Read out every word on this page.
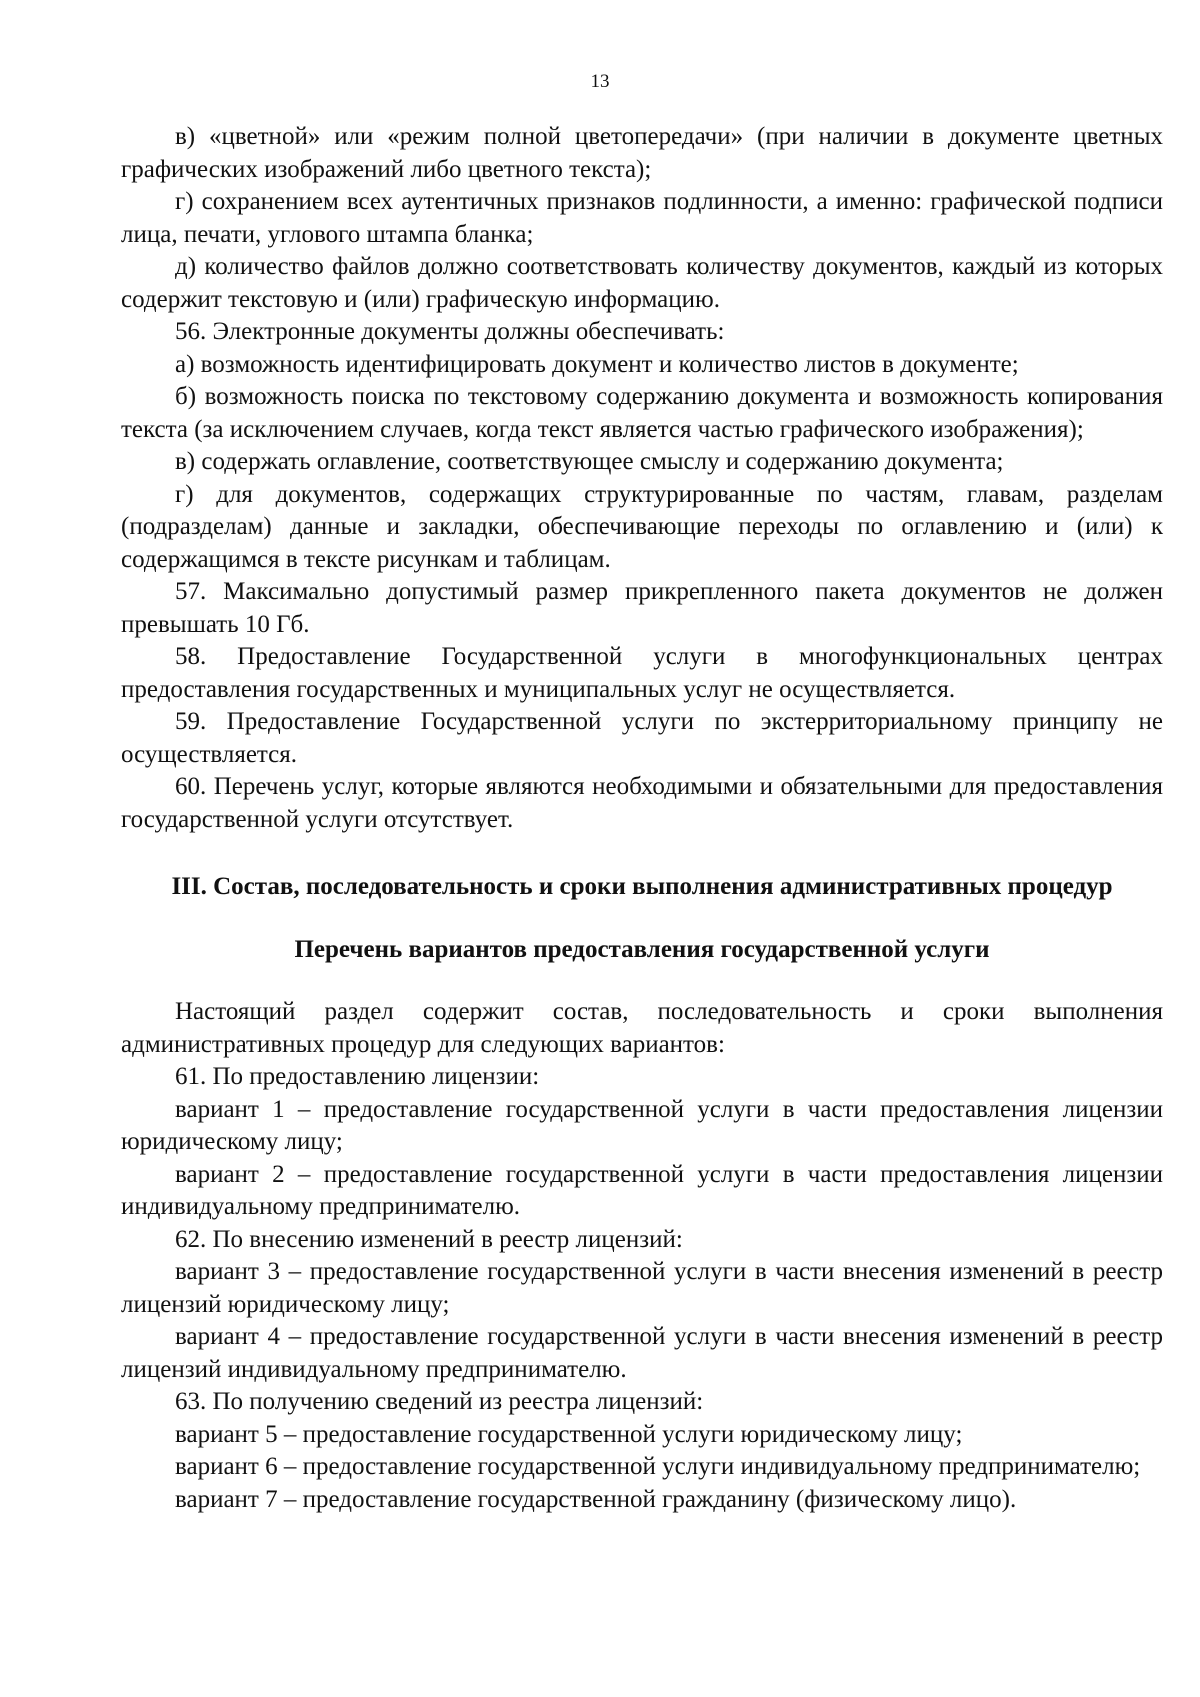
13

в) «цветной» или «режим полной цветопередачи» (при наличии в документе цветных графических изображений либо цветного текста);

г) сохранением всех аутентичных признаков подлинности, а именно: графической подписи лица, печати, углового штампа бланка;

д) количество файлов должно соответствовать количеству документов, каждый из которых содержит текстовую и (или) графическую информацию.

56. Электронные документы должны обеспечивать:

а) возможность идентифицировать документ и количество листов в документе;

б) возможность поиска по текстовому содержанию документа и возможность копирования текста (за исключением случаев, когда текст является частью графического изображения);

в) содержать оглавление, соответствующее смыслу и содержанию документа;

г) для документов, содержащих структурированные по частям, главам, разделам (подразделам) данные и закладки, обеспечивающие переходы по оглавлению и (или) к содержащимся в тексте рисункам и таблицам.

57. Максимально допустимый размер прикрепленного пакета документов не должен превышать 10 Гб.

58. Предоставление Государственной услуги в многофункциональных центрах предоставления государственных и муниципальных услуг не осуществляется.

59. Предоставление Государственной услуги по экстерриториальному принципу не осуществляется.

60. Перечень услуг, которые являются необходимыми и обязательными для предоставления государственной услуги отсутствует.

III. Состав, последовательность и сроки выполнения административных процедур
Перечень вариантов предоставления государственной услуги

Настоящий раздел содержит состав, последовательность и сроки выполнения административных процедур для следующих вариантов:

61. По предоставлению лицензии:

вариант 1 – предоставление государственной услуги в части предоставления лицензии юридическому лицу;

вариант 2 – предоставление государственной услуги в части предоставления лицензии индивидуальному предпринимателю.

62. По внесению изменений в реестр лицензий:

вариант 3 – предоставление государственной услуги в части внесения изменений в реестр лицензий юридическому лицу;

вариант 4 – предоставление государственной услуги в части внесения изменений в реестр лицензий индивидуальному предпринимателю.

63. По получению сведений из реестра лицензий:

вариант 5 – предоставление государственной услуги юридическому лицу;

вариант 6 – предоставление государственной услуги индивидуальному предпринимателю;

вариант 7 – предоставление государственной гражданину (физическому лицо).
